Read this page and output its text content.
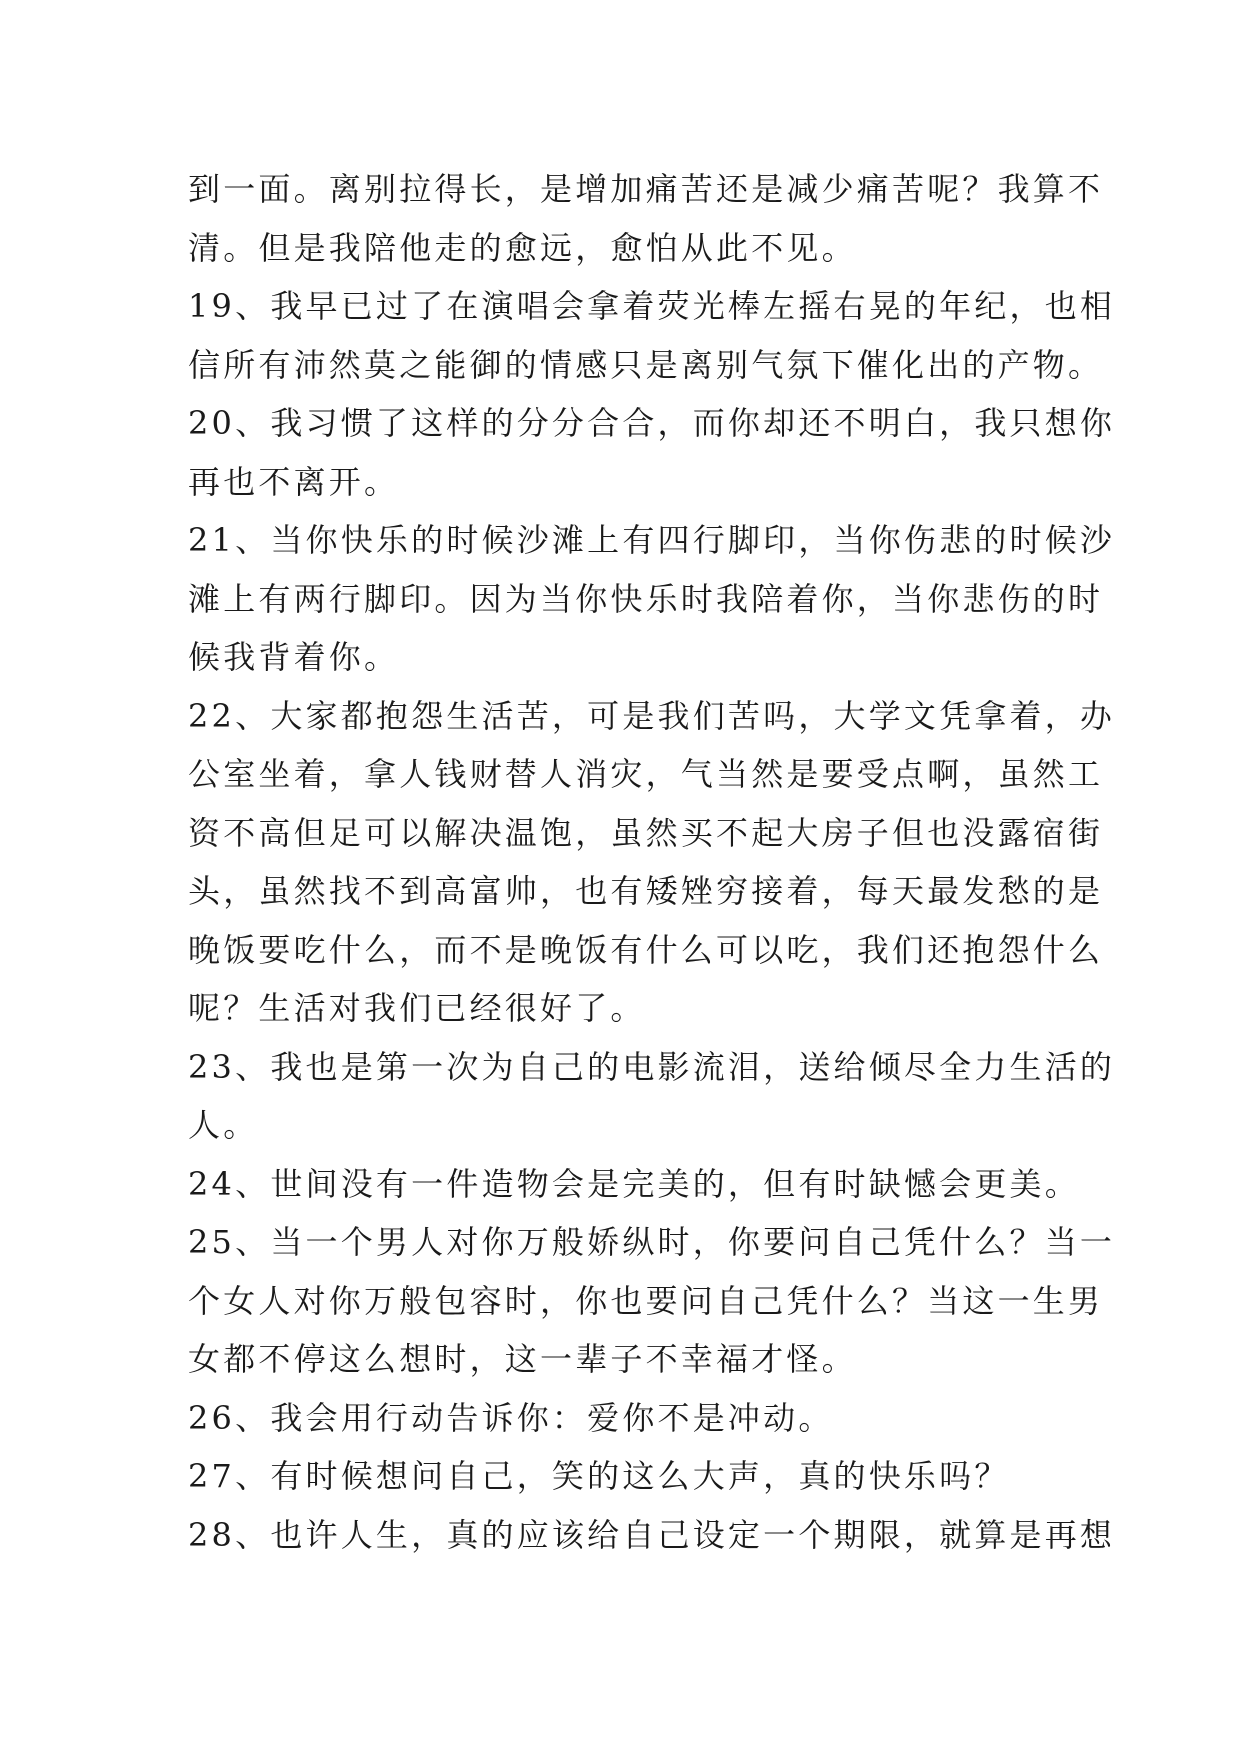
到一面。离别拉得长，是增加痛苦还是减少痛苦呢？我算不
清。但是我陪他走的愈远，愈怕从此不见。
19、我早已过了在演唱会拿着荧光棒左摇右晃的年纪，也相
信所有沛然莫之能御的情感只是离别气氛下催化出的产物。
20、我习惯了这样的分分合合，而你却还不明白，我只想你
再也不离开。
21、当你快乐的时候沙滩上有四行脚印，当你伤悲的时候沙
滩上有两行脚印。因为当你快乐时我陪着你，当你悲伤的时
候我背着你。
22、大家都抱怨生活苦，可是我们苦吗，大学文凭拿着，办
公室坐着，拿人钱财替人消灾，气当然是要受点啊，虽然工
资不高但足可以解决温饱，虽然买不起大房子但也没露宿街
头，虽然找不到高富帅，也有矮矬穷接着，每天最发愁的是
晚饭要吃什么，而不是晚饭有什么可以吃，我们还抱怨什么
呢？生活对我们已经很好了。
23、我也是第一次为自己的电影流泪，送给倾尽全力生活的
人。
24、世间没有一件造物会是完美的，但有时缺憾会更美。
25、当一个男人对你万般娇纵时，你要问自己凭什么？当一
个女人对你万般包容时，你也要问自己凭什么？当这一生男
女都不停这么想时，这一辈子不幸福才怪。
26、我会用行动告诉你：爱你不是冲动。
27、有时候想问自己，笑的这么大声，真的快乐吗？
28、也许人生，真的应该给自己设定一个期限，就算是再想
